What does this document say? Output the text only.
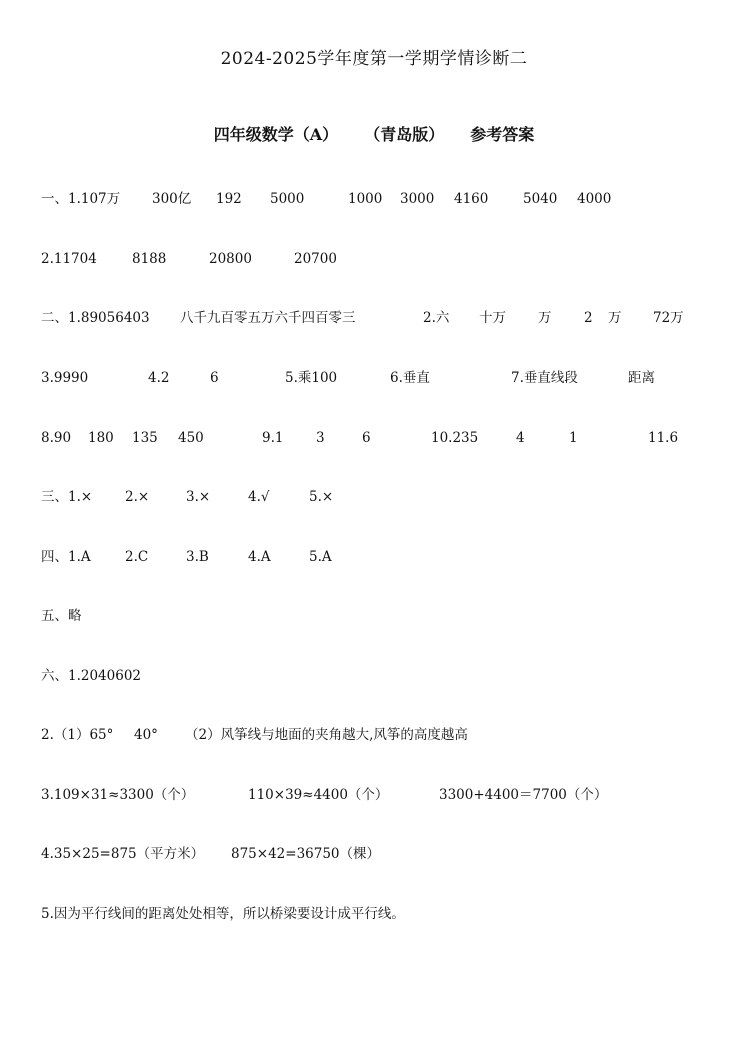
2024-2025学年度第一学期学情诊断二
四年级数学（A） （青岛版） 参考答案
一、1.107万 300亿 192 5000	1000 3000 4160	5040 4000
2.11704	8188	20800	20700
二、1.89056403 八千九百零五万六千四百零三	2.六 十万 万 2 万 72万
3.9990	4.2	6	5.乘100	6.垂直	7.垂直线段	距离
8.90 180 135 450	9.1 3	6	10.235	4	1	11.6
三、1.× 2.×	3.×	4.√	5.×
四、1.A	2.C	3.B	4.A	5.A
五、略
六、1.2040602
2.（1）65° 40° （2）风筝线与地面的夹角越大,风筝的高度越高
3.109×31≈3300（个）	110×39≈4400（个）	3300+4400＝7700（个）
4.35×25=875（平方米） 875×42=36750（棵）
5.因为平行线间的距离处处相等，所以桥梁要设计成平行线。
